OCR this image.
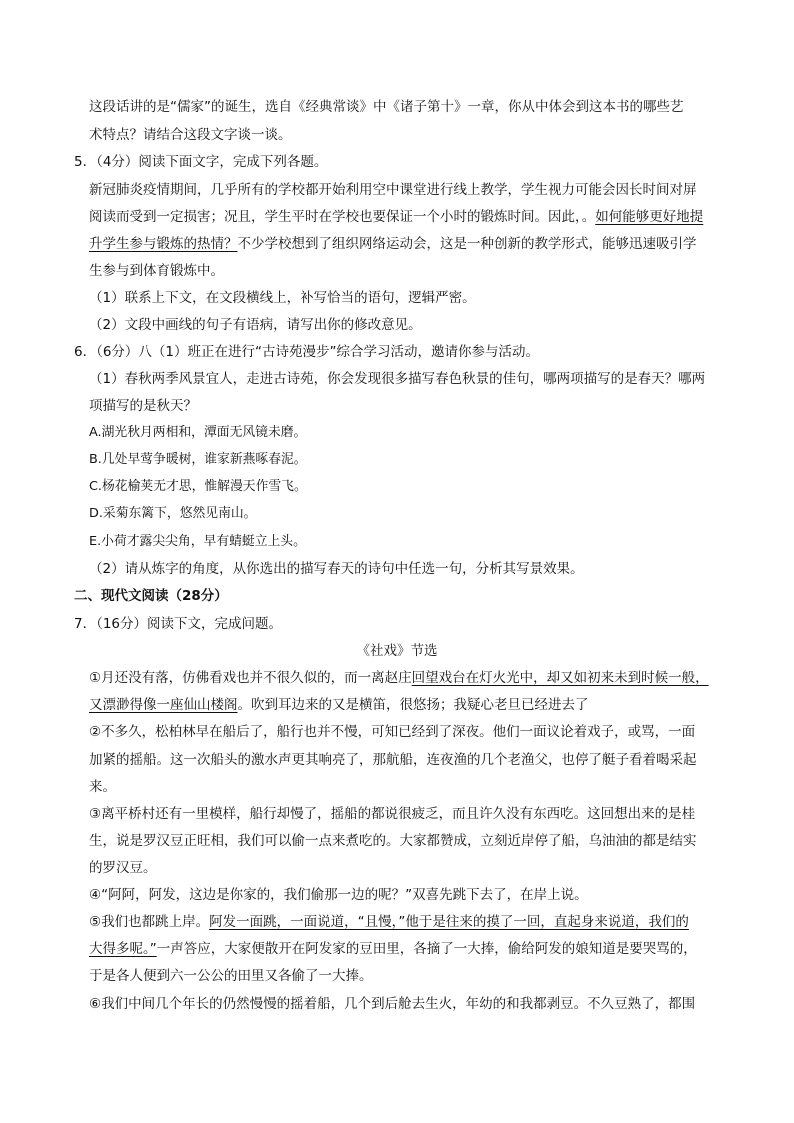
这段话讲的是“儒家”的诞生，选自《经典常谈》中《诸子第十》一章，你从中体会到这本书的哪些艺
术特点？请结合这段文字谈一谈。
5．（4分）阅读下面文字，完成下列各题。
新冠肺炎疫情期间，几乎所有的学校都开始利用空中课堂进行线上教学，学生视力可能会因长时间对屏
阅读而受到一定损害；况且，学生平时在学校也要保证一个小时的锻炼时间。因此，。如何能够更好地提
升学生参与锻炼的热情？不少学校想到了组织网络运动会，这是一种创新的教学形式，能够迅速吸引学
生参与到体育锻炼中。
（1）联系上下文，在文段横线上，补写恰当的语句，逻辑严密。
（2）文段中画线的句子有语病，请写出你的修改意见。
6．（6分）八（1）班正在进行“古诗苑漫步”综合学习活动，邀请你参与活动。
（1）春秋两季风景宜人，走进古诗苑，你会发现很多描写春色秋景的佳句，哪两项描写的是春天？哪两
项描写的是秋天？
A.湖光秋月两相和，潭面无风镜未磨。
B.几处早莺争暖树，谁家新燕啄春泥。
C.杨花榆荚无才思，惟解漫天作雪飞。
D.采菊东篱下，悠然见南山。
E.小荷才露尖尖角，早有蜻蜓立上头。
（2）请从炼字的角度，从你选出的描写春天的诗句中任选一句，分析其写景效果。
二、现代文阅读（28分）
7．（16分）阅读下文，完成问题。
《社戏》节选
①月还没有落，仿佛看戏也并不很久似的，而一离赵庄回望戏台在灯火光中，却又如初来未到时候一般，
又漂渺得像一座仙山楼阁。吹到耳边来的又是横笛，很悠扬；我疑心老旦已经进去了
②不多久，松柏林早在船后了，船行也并不慢，可知已经到了深夜。他们一面议论着戏子，或骂，一面
加紧的摇船。这一次船头的激水声更其响亮了，那航船，连夜渔的几个老渔父，也停了艇子看着喝采起
来。
③离平桥村还有一里模样，船行却慢了，摇船的都说很疲乏，而且许久没有东西吃。这回想出来的是桂
生，说是罗汉豆正旺相，我们可以偷一点来煮吃的。大家都赞成，立刻近岸停了船，乌油油的都是结实
的罗汉豆。
④“阿阿，阿发，这边是你家的，我们偷那一边的呢？”双喜先跳下去了，在岸上说。
⑤我们也都跳上岸。阿发一面跳，一面说道，“且慢，”他于是往来的摸了一回，直起身来说道，我们的
大得多呢。”一声答应，大家便散开在阿发家的豆田里，各摘了一大捧，偷给阿发的娘知道是要哭骂的，
于是各人便到六一公公的田里又各偷了一大捧。
⑥我们中间几个年长的仍然慢慢的摇着船，几个到后舱去生火，年幼的和我都剥豆。不久豆熟了，都围
